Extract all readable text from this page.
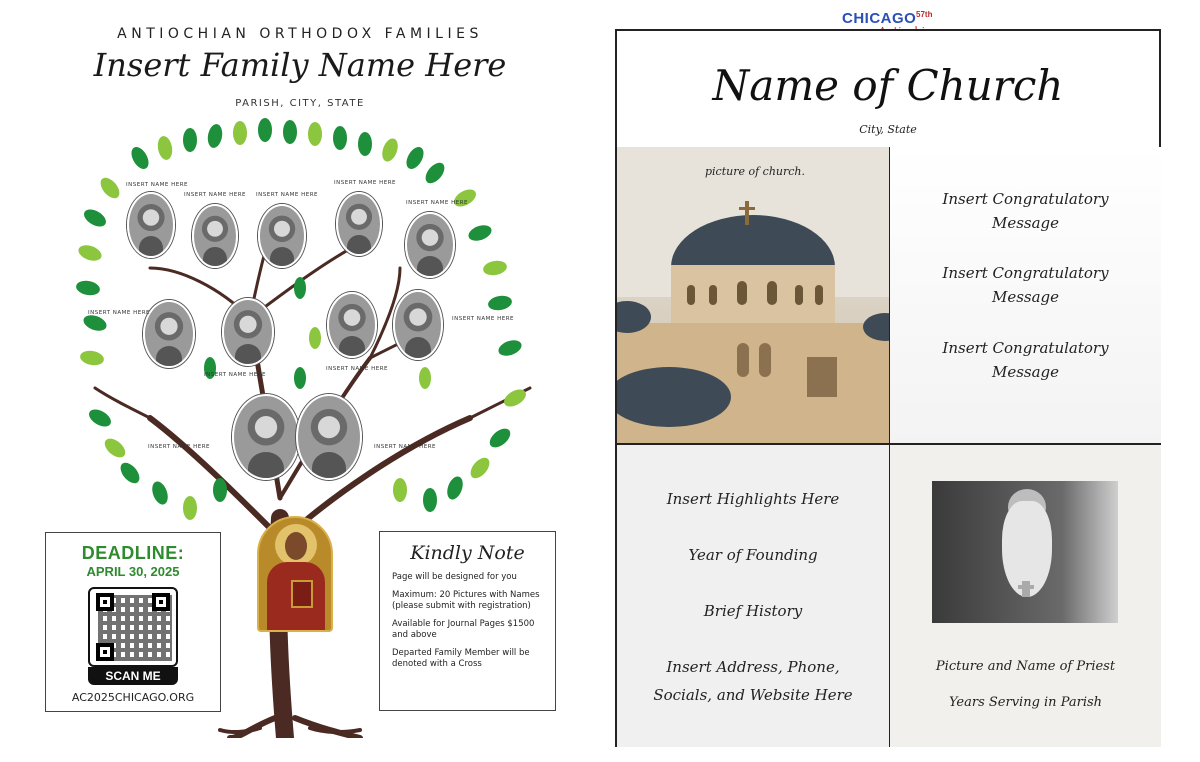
ANTIOCHIAN ORTHODOX FAMILIES
Insert Family Name Here
PARISH, CITY, STATE
INSERT NAME HERE
INSERT NAME HERE INSERT NAME HERE
INSERT NAME HERE
INSERT NAME HERE
INSERT NAME HERE
INSERT NAME HERE
INSERT NAME HERE
INSERT NAME HERE
INSERT NAME HERE	INSERT NAME HERE
DEADLINE:
APRIL 30, 2025
SCAN ME
AC2025CHICAGO.ORG
Kindly Note
Page will be designed for you
Maximum: 20 Pictures with Names (please submit with registration)
Available for Journal Pages $1500 and above
Departed Family Member will be denoted with a Cross
CHICAGO 57th
Name of Church
City, State
picture of church.
Insert Congratulatory Message
Insert Congratulatory Message
Insert Congratulatory Message
Insert Highlights Here
Year of Founding
Brief History
Insert Address, Phone, Socials, and Website Here
Picture and Name of Priest
Years Serving in Parish
